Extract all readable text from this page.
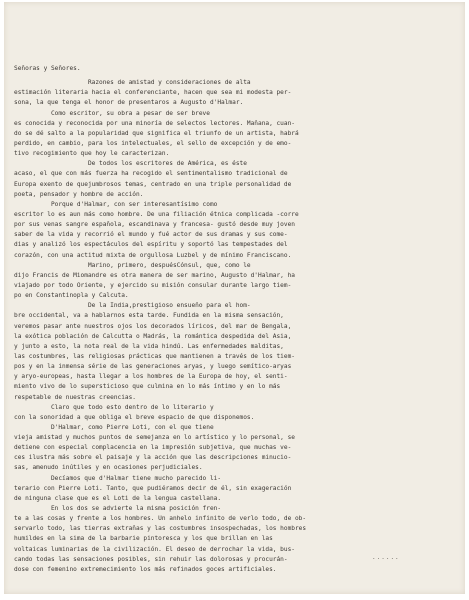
Señoras y Señores.
Razones de amistad y consideraciones de alta
estimación literaria hacia el conferenciante, hacen que sea mi modesta per-
sona, la que tenga el honor de presentaros a Augusto d'Halmar.
Como escritor, su obra a pesar de ser breve
es conocida y reconocida por una minoría de selectos lectores. Mañana, cuan-
do se dé salto a la popularidad que significa el triunfo de un artista, habrá
perdido, en cambio, para los intelectuales, el sello de excepción y de emo-
tivo recogimiento que hoy le caracterizan.
De todos los escritores de América, es éste
acaso, el que con más fuerza ha recogido el sentimentalismo tradicional de
Europa exento de quejumbrosos temas, centrado en una triple personalidad de
poeta, pensador y hombre de acción.
Porque d'Halmar, con ser interesantísimo como
escritor lo es aun más como hombre. De una filiación étnica complicada -corre
por sus venas sangre española, escandinava y francesa- gustó desde muy joven
saber de la vida y recorrió el mundo y fué actor de sus dramas y sus come-
dias y analizó los espectáculos del espíritu y soportó las tempestades del
corazón, con una actitud mixta de orgullosa Luzbel y de mínimo Franciscano.
Marino, primero, despuésCónsul, que, como le
dijo Francis de Miomandre es otra manera de ser marino, Augusto d'Halmar, ha
viajado por todo Oriente, y ejercido su misión consular durante largo tiem-
po en Constantinopla y Calcuta.
De la India,prestigioso ensueño para el hom-
bre occidental, va a hablarnos esta tarde. Fundida en la misma sensación,
veremos pasar ante nuestros ojos los decorados líricos, del mar de Bengala,
la exótica población de Calcutta o Madrás, la romántica despedida del Asia,
y junto a esto, la nota real de la vida hindú. Las enfermedades malditas,
las costumbres, las religiosas prácticas que mantienen a través de los tiem-
pos y en la inmensa série de las generaciones aryas, y luego semítico-aryas
y aryo-europeas, hasta llegar a los hombres de la Europa de hoy, el senti-
miento vivo de lo supersticioso que culmina en lo más íntimo y en lo más
respetable de nuestras creencias.
Claro que todo esto dentro de lo literario y
con la sonoridad a que obliga el breve espacio de que disponemos.
D'Halmar, como Pierre Loti, con el que tiene
vieja amistad y muchos puntos de semejanza en lo artístico y lo personal, se
detiene con especial complacencia en la impresión subjetiva, que muchas ve-
ces ilustra más sobre el paisaje y la acción que las descripciones minucio-
sas, amenudo inútiles y en ocasiones perjudiciales.
Decíamos que d'Halmar tiene mucho parecido li-
terario con Pierre Loti. Tanto, que pudiéramos decir de él, sin exageración
de ninguna clase que es el Loti de la lengua castellana.
En los dos se advierte la misma posición fren-
te a las cosas y frente a los hombres. Un anhelo infinito de verlo todo, de ob-
servarlo todo, las tierras extrañas y las costumbres insospechadas, los hombres
humildes en la sima de la barbarie pintoresca y los que brillan en las
voltaicas luminarias de la civilización. El deseo de derrochar la vida, bus-
cando todas las sensaciones posibles, sin rehuir las dolorosas y procurán-
dose con femenino extremecimiento los más refinados goces artificiales.
......
